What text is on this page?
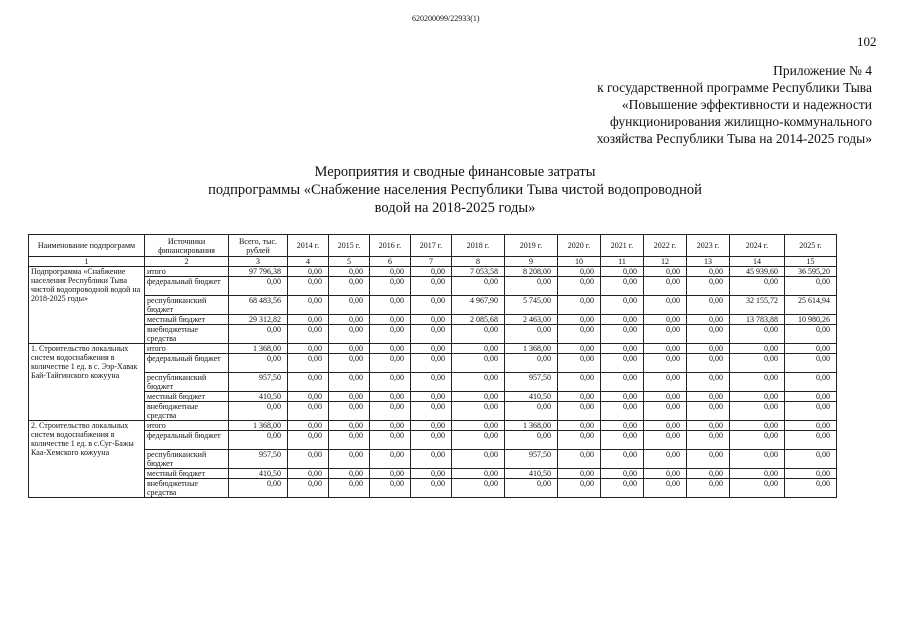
620200099/22933(1)
102
Приложение № 4
к государственной программе Республики Тыва
«Повышение эффективности и надежности
функционирования жилищно-коммунального
хозяйства Республики Тыва на 2014-2025 годы»
Мероприятия и сводные финансовые затраты
подпрограммы «Снабжение населения Республики Тыва чистой водопроводной
водой на 2018-2025 годы»
Наименование подпрограмм	Источники финансирования	Всего, тыс. рублей	2014 г.	2015 г.	2016 г.	2017 г.	2018 г.	2019 г.	2020 г.	2021 г.	2022 г.	2023 г.	2024 г.	2025 г.
1	2	3	4	5	6	7	8	9	10	11	12	13	14	15
Подпрограмма «Снабжение населения Республики Тыва чистой водопроводной водой на 2018-2025 годы»	итого	97 796,38	0,00	0,00	0,00	0,00	7 053,58	8 208,00	0,00	0,00	0,00	0,00	45 939,60	36 595,20
	федеральный бюджет	0,00	0,00	0,00	0,00	0,00	0,00	0,00	0,00	0,00	0,00	0,00	0,00	0,00
	республиканский бюджет	68 483,56	0,00	0,00	0,00	0,00	4 967,90	5 745,00	0,00	0,00	0,00	0,00	32 155,72	25 614,94
	местный бюджет	29 312,82	0,00	0,00	0,00	0,00	2 085,68	2 463,00	0,00	0,00	0,00	0,00	13 783,88	10 980,26
	внебюджетные средства	0,00	0,00	0,00	0,00	0,00	0,00	0,00	0,00	0,00	0,00	0,00	0,00	0,00
1. Строительство локальных систем водоснабжения в количестве 1 ед. в с. Ээр-Хавак Бай-Тайгинского кожууна	итого	1 368,00	0,00	0,00	0,00	0,00	0,00	1 368,00	0,00	0,00	0,00	0,00	0,00	0,00
	федеральный бюджет	0,00	0,00	0,00	0,00	0,00	0,00	0,00	0,00	0,00	0,00	0,00	0,00	0,00
	республиканский бюджет	957,50	0,00	0,00	0,00	0,00	0,00	957,50	0,00	0,00	0,00	0,00	0,00	0,00
	местный бюджет	410,50	0,00	0,00	0,00	0,00	0,00	410,50	0,00	0,00	0,00	0,00	0,00	0,00
	внебюджетные средства	0,00	0,00	0,00	0,00	0,00	0,00	0,00	0,00	0,00	0,00	0,00	0,00	0,00
2. Строительство локальных систем водоснабжения в количестве 1 ед. в с.Суг-Бажы Каа-Хемского кожууна	итого	1 368,00	0,00	0,00	0,00	0,00	0,00	1 368,00	0,00	0,00	0,00	0,00	0,00	0,00
	федеральный бюджет	0,00	0,00	0,00	0,00	0,00	0,00	0,00	0,00	0,00	0,00	0,00	0,00	0,00
	республиканский бюджет	957,50	0,00	0,00	0,00	0,00	0,00	957,50	0,00	0,00	0,00	0,00	0,00	0,00
	местный бюджет	410,50	0,00	0,00	0,00	0,00	0,00	410,50	0,00	0,00	0,00	0,00	0,00	0,00
	внебюджетные средства	0,00	0,00	0,00	0,00	0,00	0,00	0,00	0,00	0,00	0,00	0,00	0,00	0,00
